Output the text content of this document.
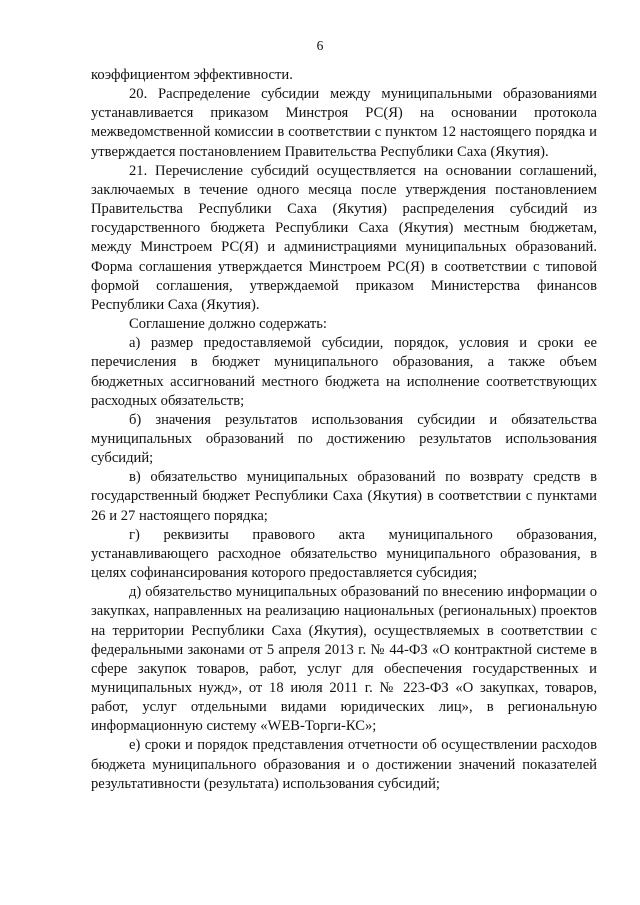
6

коэффициентом эффективности.

20. Распределение субсидии между муниципальными образованиями устанавливается приказом Минстроя РС(Я) на основании протокола межведомственной комиссии в соответствии с пунктом 12 настоящего порядка и утверждается постановлением Правительства Республики Саха (Якутия).

21. Перечисление субсидий осуществляется на основании соглашений, заключаемых в течение одного месяца после утверждения постановлением Правительства Республики Саха (Якутия) распределения субсидий из государственного бюджета Республики Саха (Якутия) местным бюджетам, между Минстроем РС(Я) и администрациями муниципальных образований. Форма соглашения утверждается Минстроем РС(Я) в соответствии с типовой формой соглашения, утверждаемой приказом Министерства финансов Республики Саха (Якутия).

Соглашение должно содержать:

а) размер предоставляемой субсидии, порядок, условия и сроки ее перечисления в бюджет муниципального образования, а также объем бюджетных ассигнований местного бюджета на исполнение соответствующих расходных обязательств;

б) значения результатов использования субсидии и обязательства муниципальных образований по достижению результатов использования субсидий;

в) обязательство муниципальных образований по возврату средств в государственный бюджет Республики Саха (Якутия) в соответствии с пунктами 26 и 27 настоящего порядка;

г) реквизиты правового акта муниципального образования, устанавливающего расходное обязательство муниципального образования, в целях софинансирования которого предоставляется субсидия;

д) обязательство муниципальных образований по внесению информации о закупках, направленных на реализацию национальных (региональных) проектов на территории Республики Саха (Якутия), осуществляемых в соответствии с федеральными законами от 5 апреля 2013 г. № 44-ФЗ «О контрактной системе в сфере закупок товаров, работ, услуг для обеспечения государственных и муниципальных нужд», от 18 июля 2011 г. № 223-ФЗ «О закупках, товаров, работ, услуг отдельными видами юридических лиц», в региональную информационную систему «WEB-Торги-КС»;

е) сроки и порядок представления отчетности об осуществлении расходов бюджета муниципального образования и о достижении значений показателей результативности (результата) использования субсидий;
